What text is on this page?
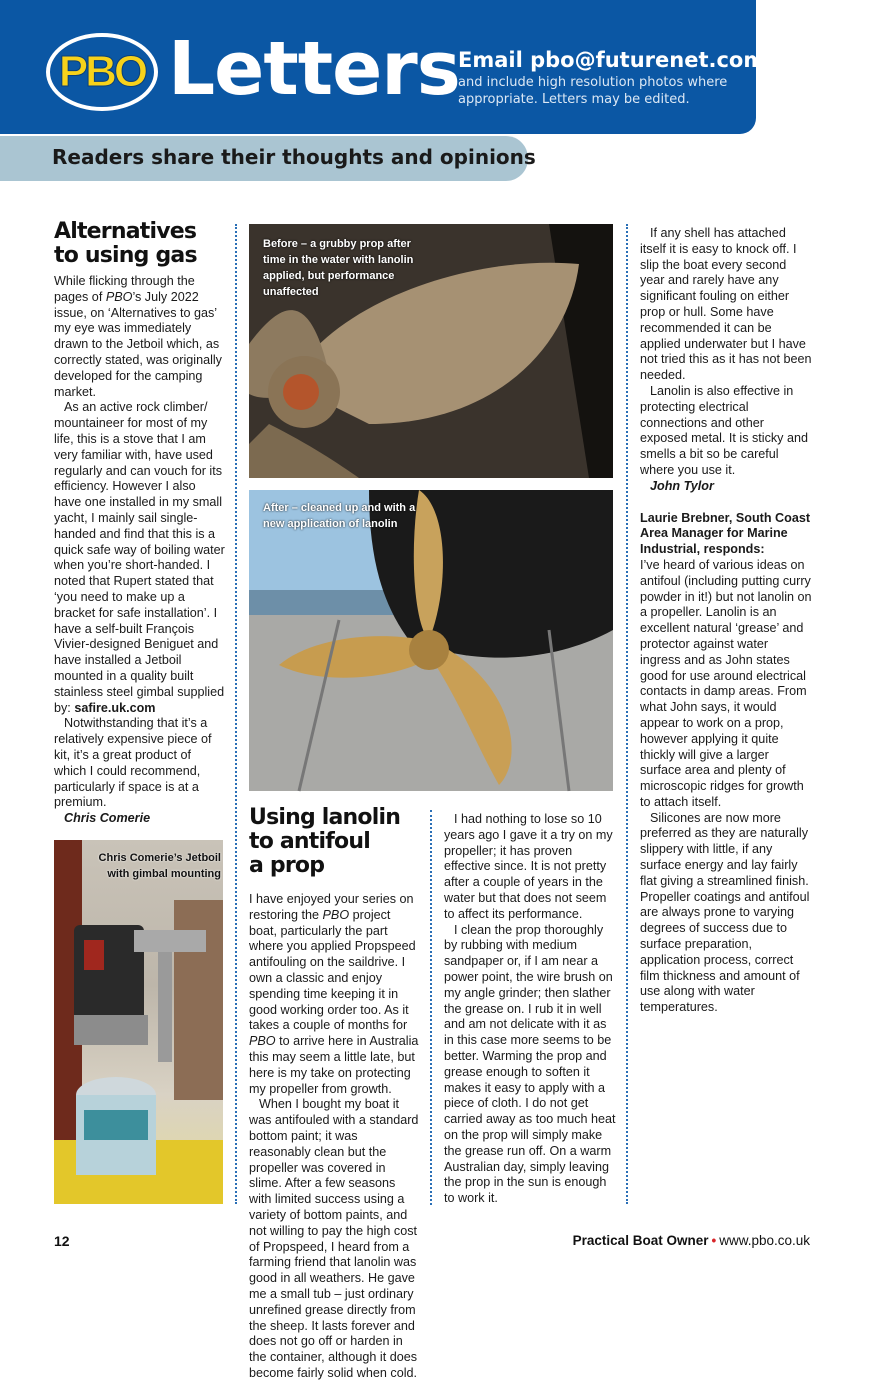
PBO Letters
Email pbo@futurenet.com
and include high resolution photos where appropriate. Letters may be edited.
Readers share their thoughts and opinions
Alternatives
to using gas

While flicking through the pages of PBO’s July 2022 issue, on ‘Alternatives to gas’ my eye was immediately drawn to the Jetboil which, as correctly stated, was originally developed for the camping market.

As an active rock climber/ mountaineer for most of my life, this is a stove that I am very familiar with, have used regularly and can vouch for its efficiency. However I also have one installed in my small yacht, I mainly sail single-handed and find that this is a quick safe way of boiling water when you’re short-handed. I noted that Rupert stated that ‘you need to make up a bracket for safe installation’. I have a self-built François Vivier-designed Beniguet and have installed a Jetboil mounted in a quality built stainless steel gimbal supplied by: safire.uk.com

Notwithstanding that it’s a relatively expensive piece of kit, it’s a great product of which I could recommend, particularly if space is at a premium.

Chris Comerie
Chris Comerie’s Jetboil with gimbal mounting
Before – a grubby prop after time in the water with lanolin applied, but performance unaffected
After – cleaned up and with a new application of lanolin
Using lanolin
to antifoul
a prop

I have enjoyed your series on restoring the PBO project boat, particularly the part where you applied Propspeed antifouling on the saildrive. I own a classic and enjoy spending time keeping it in good working order too. As it takes a couple of months for PBO to arrive here in Australia this may seem a little late, but here is my take on protecting my propeller from growth.

When I bought my boat it was antifouled with a standard bottom paint; it was reasonably clean but the propeller was covered in slime. After a few seasons with limited success using a variety of bottom paints, and not willing to pay the high cost of Propspeed, I heard from a farming friend that lanolin was good in all weathers. He gave me a small tub – just ordinary unrefined grease directly from the sheep. It lasts forever and does not go off or harden in the container, although it does become fairly solid when cold.

I had nothing to lose so 10 years ago I gave it a try on my propeller; it has proven effective since. It is not pretty after a couple of years in the water but that does not seem to affect its performance.

I clean the prop thoroughly by rubbing with medium sandpaper or, if I am near a power point, the wire brush on my angle grinder; then slather the grease on. I rub it in well and am not delicate with it as in this case more seems to be better. Warming the prop and grease enough to soften it makes it easy to apply with a piece of cloth. I do not get carried away as too much heat on the prop will simply make the grease run off. On a warm Australian day, simply leaving the prop in the sun is enough to work it.

If any shell has attached itself it is easy to knock off. I slip the boat every second year and rarely have any significant fouling on either prop or hull. Some have recommended it can be applied underwater but I have not tried this as it has not been needed.

Lanolin is also effective in protecting electrical connections and other exposed metal. It is sticky and smells a bit so be careful where you use it.

John Tylor
Laurie Brebner, South Coast Area Manager for Marine Industrial, responds:

I’ve heard of various ideas on antifoul (including putting curry powder in it!) but not lanolin on a propeller. Lanolin is an excellent natural ‘grease’ and protector against water ingress and as John states good for use around electrical contacts in damp areas. From what John says, it would appear to work on a prop, however applying it quite thickly will give a larger surface area and plenty of microscopic ridges for growth to attach itself.

Silicones are now more preferred as they are naturally slippery with little, if any surface energy and lay fairly flat giving a streamlined finish. Propeller coatings and antifoul are always prone to varying degrees of success due to surface preparation, application process, correct film thickness and amount of use along with water temperatures.

12	Practical Boat Owner • www.pbo.co.uk
